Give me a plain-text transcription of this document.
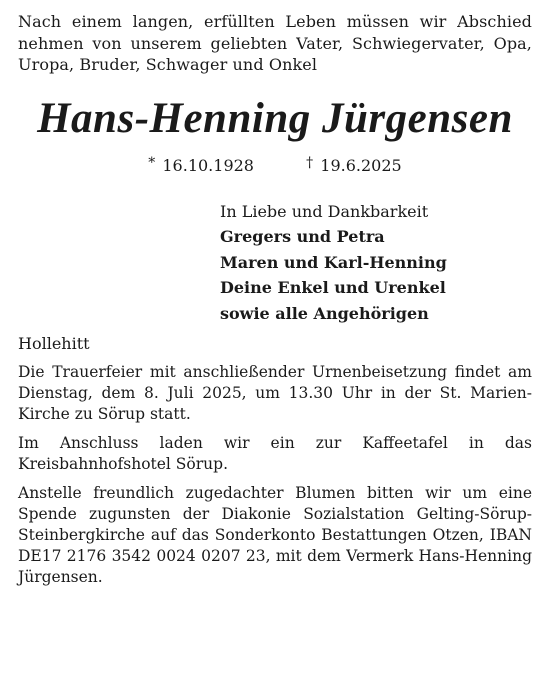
Nach einem langen, erfüllten Leben müssen wir Abschied nehmen von unserem geliebten Vater, Schwiegervater, Opa, Uropa, Bruder, Schwager und Onkel

Hans-Henning Jürgensen

* 16.10.1928	† 19.6.2025

In Liebe und Dankbarkeit
Gregers und Petra
Maren und Karl-Henning
Deine Enkel und Urenkel
sowie alle Angehörigen

Hollehitt

Die Trauerfeier mit anschließender Urnenbeisetzung findet am Dienstag, dem 8. Juli 2025, um 13.30 Uhr in der St. Marien-Kirche zu Sörup statt.

Im Anschluss laden wir ein zur Kaffeetafel in das Kreisbahnhofshotel Sörup.

Anstelle freundlich zugedachter Blumen bitten wir um eine Spende zugunsten der Diakonie Sozialstation Gelting-Sörup-Steinbergkirche auf das Sonderkonto Bestattungen Otzen, IBAN DE17 2176 3542 0024 0207 23, mit dem Vermerk Hans-Henning Jürgensen.
